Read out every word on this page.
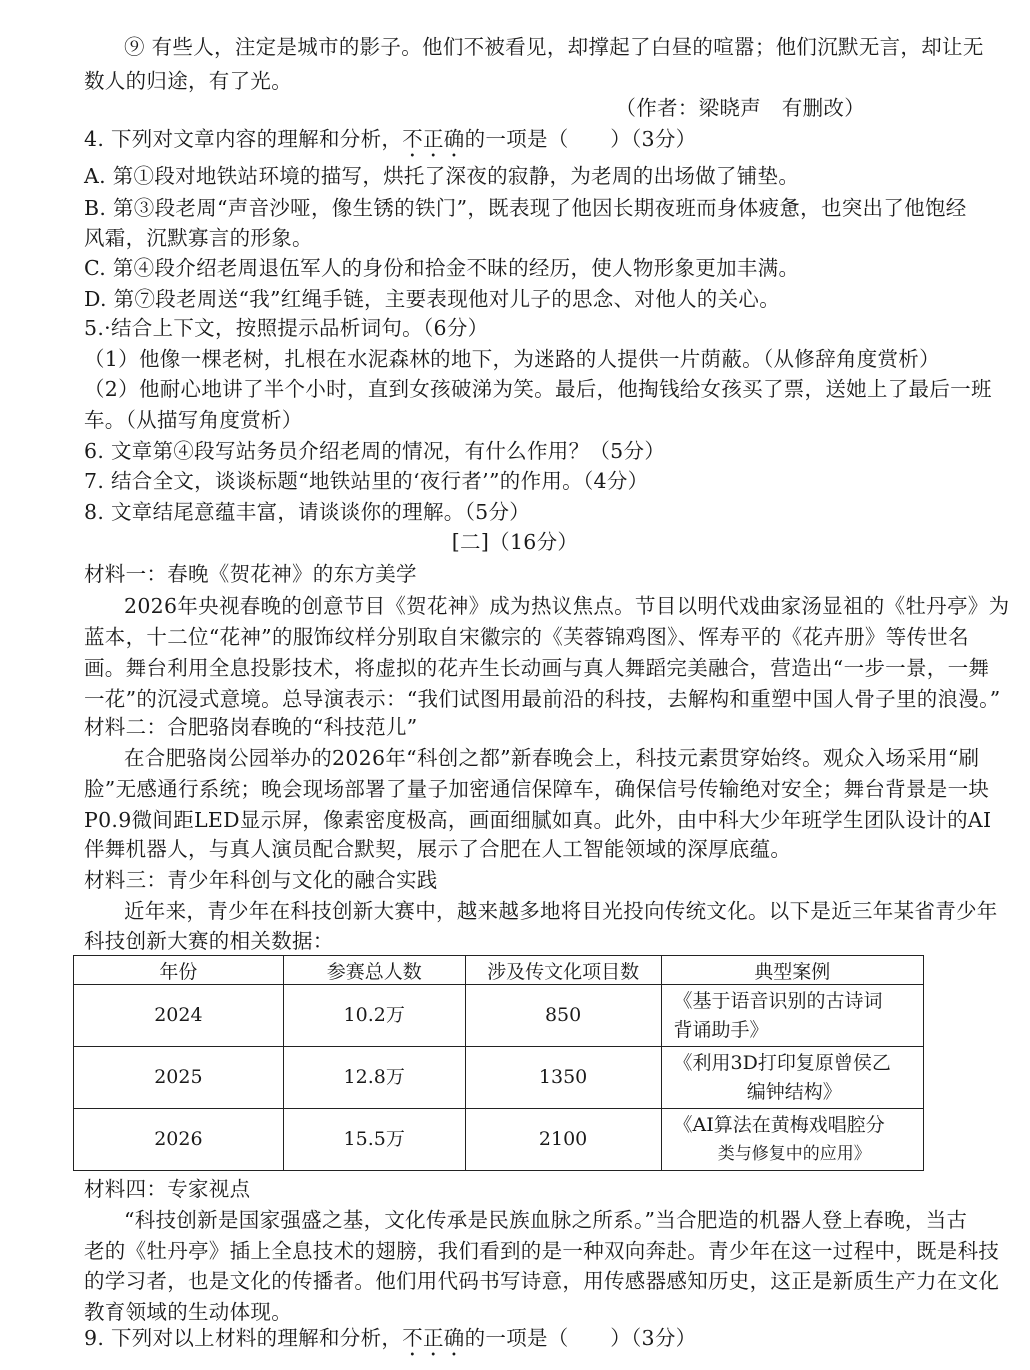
⑨ 有些人，注定是城市的影子。他们不被看见，却撑起了白昼的喧嚣；他们沉默无言，却让无
数人的归途，有了光。
（作者：梁晓声　有删改）
4. 下列对文章内容的理解和分析，不正确的一项是（　　）（3分）
A. 第①段对地铁站环境的描写，烘托了深夜的寂静，为老周的出场做了铺垫。
B. 第③段老周“声音沙哑，像生锈的铁门”，既表现了他因长期夜班而身体疲惫，也突出了他饱经
风霜，沉默寡言的形象。
C. 第④段介绍老周退伍军人的身份和拾金不昧的经历，使人物形象更加丰满。
D. 第⑦段老周送“我”红绳手链，主要表现他对儿子的思念、对他人的关心。
5.·结合上下文，按照提示品析词句。（6分）
（1）他像一棵老树，扎根在水泥森林的地下，为迷路的人提供一片荫蔽。（从修辞角度赏析）
（2）他耐心地讲了半个小时，直到女孩破涕为笑。最后，他掏钱给女孩买了票，送她上了最后一班
车。（从描写角度赏析）
6. 文章第④段写站务员介绍老周的情况，有什么作用？（5分）
7. 结合全文，谈谈标题“地铁站里的‘夜行者’”的作用。（4分）
8. 文章结尾意蕴丰富，请谈谈你的理解。（5分）
[二]（16分）
材料一：春晚《贺花神》的东方美学
2026年央视春晚的创意节目《贺花神》成为热议焦点。节目以明代戏曲家汤显祖的《牡丹亭》为
蓝本，十二位“花神”的服饰纹样分别取自宋徽宗的《芙蓉锦鸡图》、恽寿平的《花卉册》等传世名
画。舞台利用全息投影技术，将虚拟的花卉生长动画与真人舞蹈完美融合，营造出“一步一景，一舞
一花”的沉浸式意境。总导演表示：“我们试图用最前沿的科技，去解构和重塑中国人骨子里的浪漫。”
材料二：合肥骆岗春晚的“科技范儿”
在合肥骆岗公园举办的2026年“科创之都”新春晚会上，科技元素贯穿始终。观众入场采用“刷
脸”无感通行系统；晚会现场部署了量子加密通信保障车，确保信号传输绝对安全；舞台背景是一块
P0.9微间距LED显示屏，像素密度极高，画面细腻如真。此外，由中科大少年班学生团队设计的AI
伴舞机器人，与真人演员配合默契，展示了合肥在人工智能领域的深厚底蕴。
材料三：青少年科创与文化的融合实践
近年来，青少年在科技创新大赛中，越来越多地将目光投向传统文化。以下是近三年某省青少年
科技创新大赛的相关数据：
年份	参赛总人数	涉及传文化项目数	典型案例
2024	10.2万	850	《基于语音识别的古诗词
背诵助手》

2025	12.8万	1350	《利用3D打印复原曾侯乙
编钟结构》

2026	15.5万	2100	《AI算法在黄梅戏唱腔分
类与修复中的应用》
材料四：专家视点
“科技创新是国家强盛之基，文化传承是民族血脉之所系。”当合肥造的机器人登上春晚，当古
老的《牡丹亭》插上全息技术的翅膀，我们看到的是一种双向奔赴。青少年在这一过程中，既是科技
的学习者，也是文化的传播者。他们用代码书写诗意，用传感器感知历史，这正是新质生产力在文化
教育领域的生动体现。
9. 下列对以上材料的理解和分析，不正确的一项是（　　）（3分）
